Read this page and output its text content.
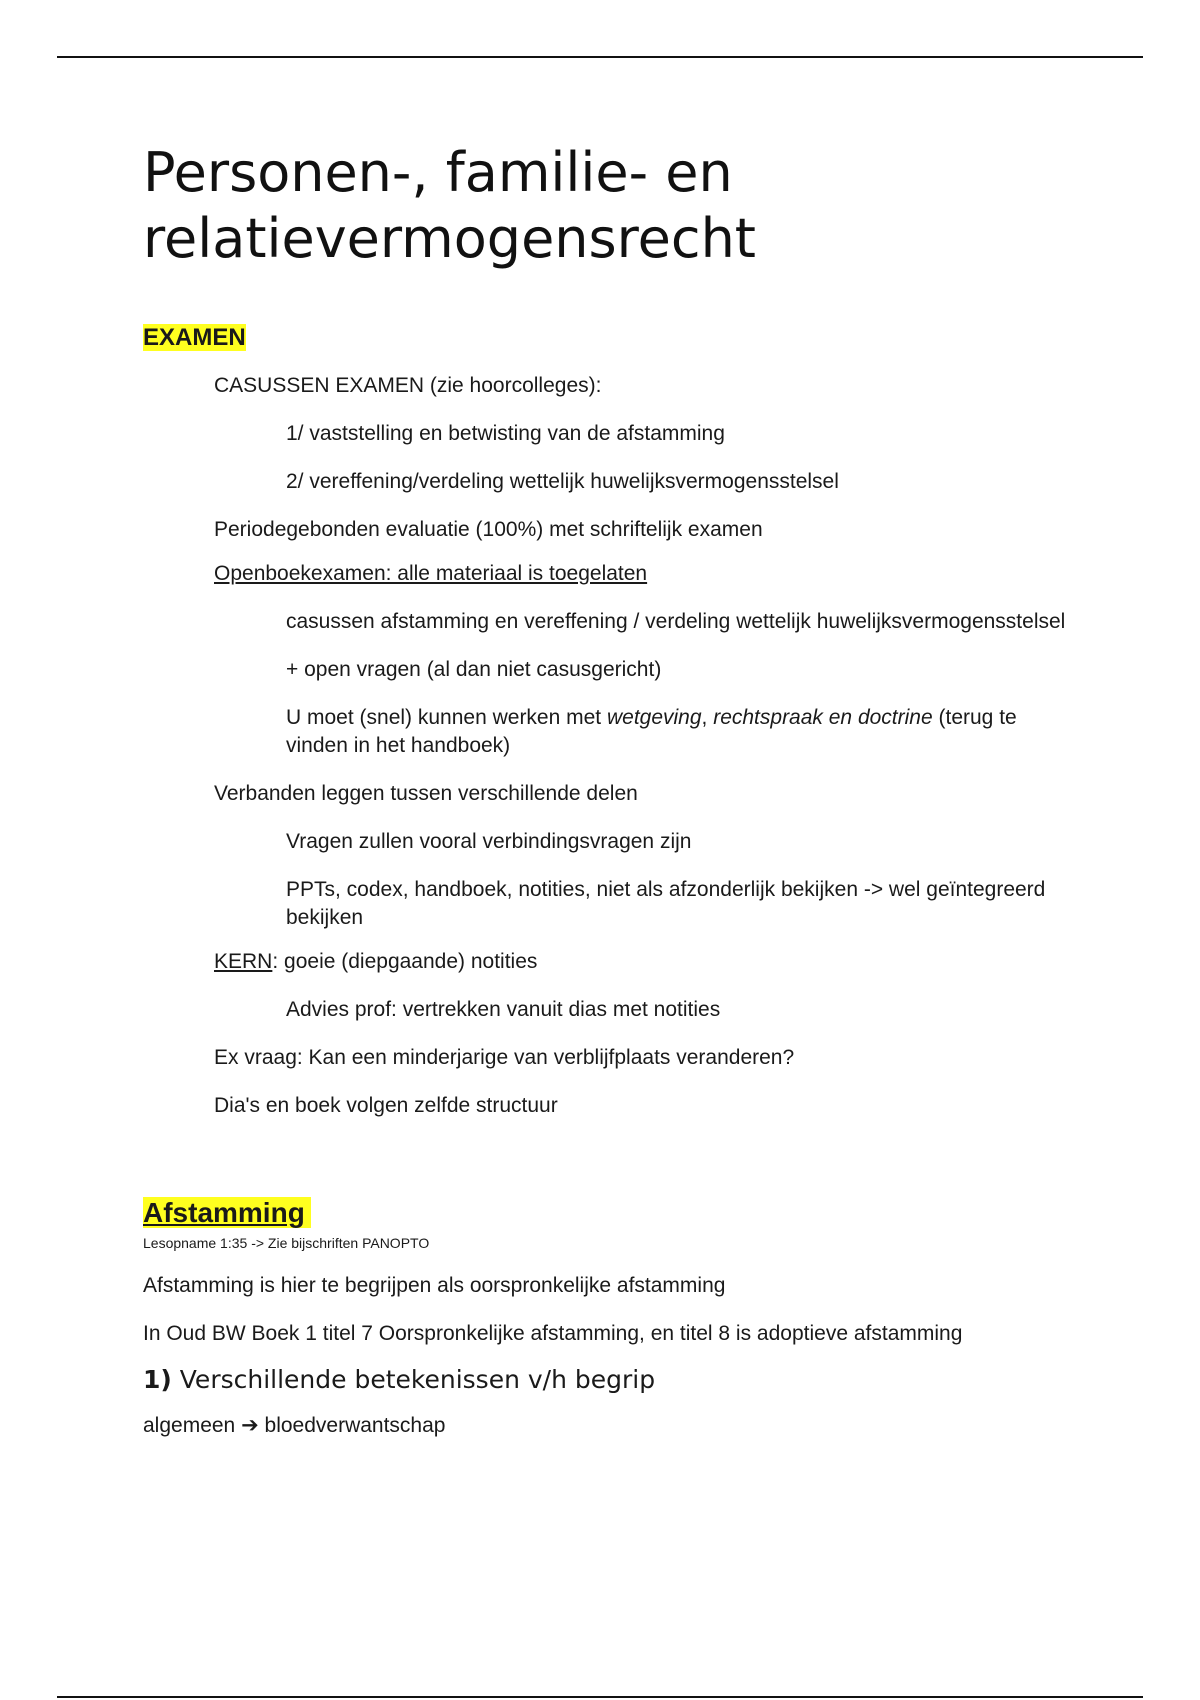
Personen-, familie- en
relatievermogensrecht
EXAMEN

CASUSSEN EXAMEN (zie hoorcolleges):

1/ vaststelling en betwisting van de afstamming

2/ vereffening/verdeling wettelijk huwelijksvermogensstelsel

Periodegebonden evaluatie (100%) met schriftelijk examen

Openboekexamen: alle materiaal is toegelaten

casussen afstamming en vereffening / verdeling wettelijk huwelijksvermogensstelsel

+ open vragen (al dan niet casusgericht)

U moet (snel) kunnen werken met wetgeving, rechtspraak en doctrine (terug te vinden in het handboek)

Verbanden leggen tussen verschillende delen

Vragen zullen vooral verbindingsvragen zijn

PPTs, codex, handboek, notities, niet als afzonderlijk bekijken -> wel geïntegreerd bekijken

KERN: goeie (diepgaande) notities

Advies prof: vertrekken vanuit dias met notities

Ex vraag: Kan een minderjarige van verblijfplaats veranderen?

Dia's en boek volgen zelfde structuur

Afstamming

Lesopname 1:35 -> Zie bijschriften PANOPTO

Afstamming is hier te begrijpen als oorspronkelijke afstamming

In Oud BW Boek 1 titel 7 Oorspronkelijke afstamming, en titel 8 is adoptieve afstamming

1) Verschillende betekenissen v/h begrip

algemeen ➔ bloedverwantschap
